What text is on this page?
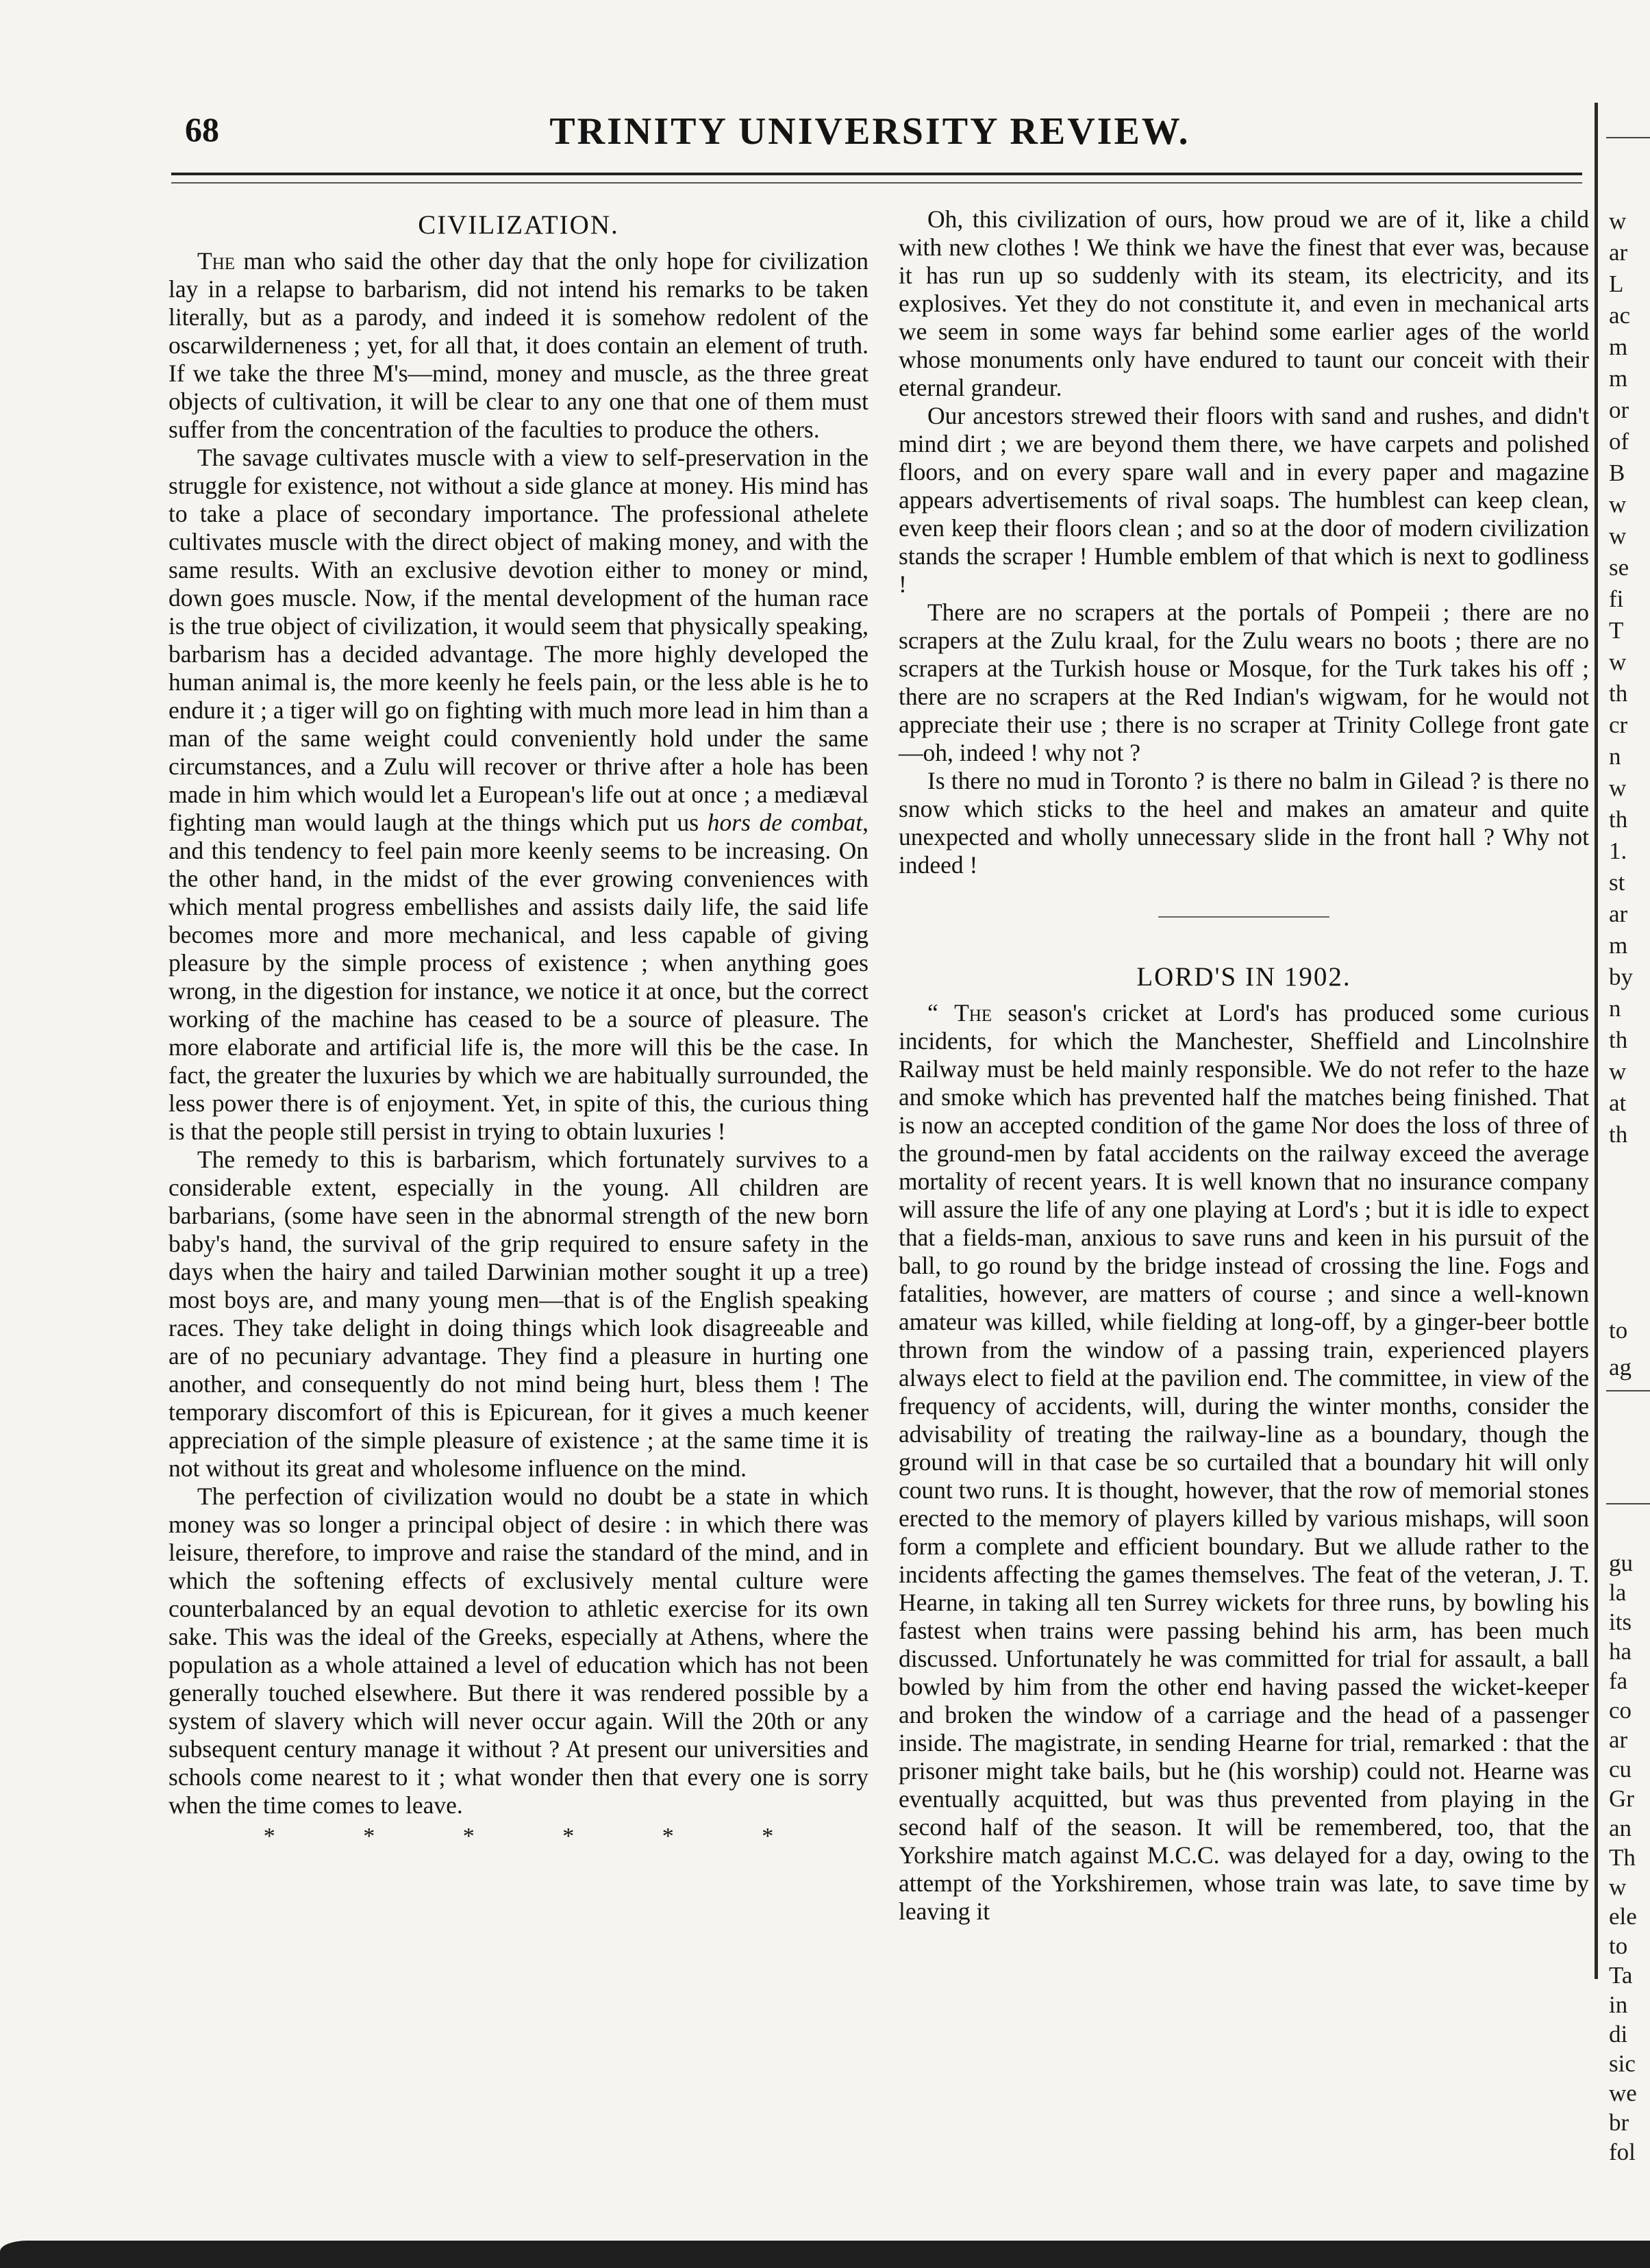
68	TRINITY UNIVERSITY REVIEW.
CIVILIZATION.

The man who said the other day that the only hope for civilization lay in a relapse to barbarism, did not intend his remarks to be taken literally, but as a parody, and indeed it is somehow redolent of the oscarwilderneness ; yet, for all that, it does contain an element of truth. If we take the three M's—mind, money and muscle, as the three great objects of cultivation, it will be clear to any one that one of them must suffer from the concentration of the faculties to produce the others.

The savage cultivates muscle with a view to self-preservation in the struggle for existence, not without a side glance at money. His mind has to take a place of secondary importance. The professional athelete cultivates muscle with the direct object of making money, and with the same results. With an exclusive devotion either to money or mind, down goes muscle. Now, if the mental development of the human race is the true object of civilization, it would seem that physically speaking, barbarism has a decided advantage. The more highly developed the human animal is, the more keenly he feels pain, or the less able is he to endure it ; a tiger will go on fighting with much more lead in him than a man of the same weight could conveniently hold under the same circumstances, and a Zulu will recover or thrive after a hole has been made in him which would let a European's life out at once ; a mediæval fighting man would laugh at the things which put us hors de combat, and this tendency to feel pain more keenly seems to be increasing. On the other hand, in the midst of the ever growing conveniences with which mental progress embellishes and assists daily life, the said life becomes more and more mechanical, and less capable of giving pleasure by the simple process of existence ; when anything goes wrong, in the digestion for instance, we notice it at once, but the correct working of the machine has ceased to be a source of pleasure. The more elaborate and artificial life is, the more will this be the case. In fact, the greater the luxuries by which we are habitually surrounded, the less power there is of enjoyment. Yet, in spite of this, the curious thing is that the people still persist in trying to obtain luxuries !

The remedy to this is barbarism, which fortunately survives to a considerable extent, especially in the young. All children are barbarians, (some have seen in the abnormal strength of the new born baby's hand, the survival of the grip required to ensure safety in the days when the hairy and tailed Darwinian mother sought it up a tree) most boys are, and many young men—that is of the English speaking races. They take delight in doing things which look disagreeable and are of no pecuniary advantage. They find a pleasure in hurting one another, and consequently do not mind being hurt, bless them ! The temporary discomfort of this is Epicurean, for it gives a much keener appreciation of the simple pleasure of existence ; at the same time it is not without its great and wholesome influence on the mind.

The perfection of civilization would no doubt be a state in which money was so longer a principal object of desire : in which there was leisure, therefore, to improve and raise the standard of the mind, and in which the softening effects of exclusively mental culture were counterbalanced by an equal devotion to athletic exercise for its own sake. This was the ideal of the Greeks, especially at Athens, where the population as a whole attained a level of education which has not been generally touched elsewhere. But there it was rendered possible by a system of slavery which will never occur again. Will the 20th or any subsequent century manage it without ? At present our universities and schools come nearest to it ; what wonder then that every one is sorry when the time comes to leave.

* * * * * *

Oh, this civilization of ours, how proud we are of it, like a child with new clothes ! We think we have the finest that ever was, because it has run up so suddenly with its steam, its electricity, and its explosives. Yet they do not constitute it, and even in mechanical arts we seem in some ways far behind some earlier ages of the world whose monuments only have endured to taunt our conceit with their eternal grandeur.

Our ancestors strewed their floors with sand and rushes, and didn't mind dirt ; we are beyond them there, we have carpets and polished floors, and on every spare wall and in every paper and magazine appears advertisements of rival soaps. The humblest can keep clean, even keep their floors clean ; and so at the door of modern civilization stands the scraper ! Humble emblem of that which is next to godliness !

There are no scrapers at the portals of Pompeii ; there are no scrapers at the Zulu kraal, for the Zulu wears no boots ; there are no scrapers at the Turkish house or Mosque, for the Turk takes his off ; there are no scrapers at the Red Indian's wigwam, for he would not appreciate their use ; there is no scraper at Trinity College front gate —oh, indeed ! why not ?

Is there no mud in Toronto ? is there no balm in Gilead ? is there no snow which sticks to the heel and makes an amateur and quite unexpected and wholly unnecessary slide in the front hall ? Why not indeed !

LORD'S IN 1902.

“ The season's cricket at Lord's has produced some curious incidents, for which the Manchester, Sheffield and Lincolnshire Railway must be held mainly responsible. We do not refer to the haze and smoke which has prevented half the matches being finished. That is now an accepted condition of the game Nor does the loss of three of the ground-men by fatal accidents on the railway exceed the average mortality of recent years. It is well known that no insurance company will assure the life of any one playing at Lord's ; but it is idle to expect that a fields-man, anxious to save runs and keen in his pursuit of the ball, to go round by the bridge instead of crossing the line. Fogs and fatalities, however, are matters of course ; and since a well-known amateur was killed, while fielding at long-off, by a ginger-beer bottle thrown from the window of a passing train, experienced players always elect to field at the pavilion end. The committee, in view of the frequency of accidents, will, during the winter months, consider the advisability of treating the railway-line as a boundary, though the ground will in that case be so curtailed that a boundary hit will only count two runs. It is thought, however, that the row of memorial stones erected to the memory of players killed by various mishaps, will soon form a complete and efficient boundary. But we allude rather to the incidents affecting the games themselves. The feat of the veteran, J. T. Hearne, in taking all ten Surrey wickets for three runs, by bowling his fastest when trains were passing behind his arm, has been much discussed. Unfortunately he was committed for trial for assault, a ball bowled by him from the other end having passed the wicket-keeper and broken the window of a carriage and the head of a passenger inside. The magistrate, in sending Hearne for trial, remarked : that the prisoner might take bails, but he (his worship) could not. Hearne was eventually acquitted, but was thus prevented from playing in the second half of the season. It will be remembered, too, that the Yorkshire match against M.C.C. was delayed for a day, owing to the attempt of the Yorkshiremen, whose train was late, to save time by leaving it

w
ar
L
ac
m
m
or
of
B
w
w
se
fi
T
w
th
cr
n
w
th
1.
st
ar
m
by
n
th
w
at
th
to
ag
gu
la
its
ha
fa
co
ar
cu
Gr
an
Th
w
ele
to
Ta
in
di
sic
we
br
fol
